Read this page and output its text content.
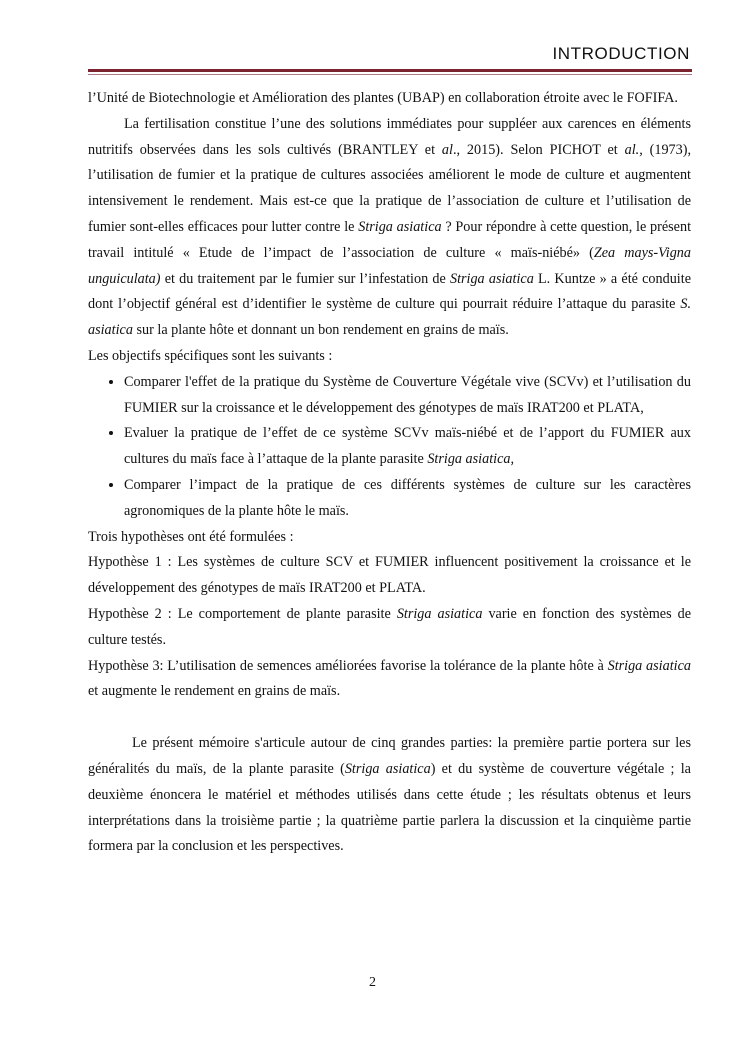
INTRODUCTION

l’Unité de Biotechnologie et Amélioration des plantes (UBAP) en collaboration étroite avec le FOFIFA.

La fertilisation constitue l’une des solutions immédiates pour suppléer aux carences en éléments nutritifs observées dans les sols cultivés (BRANTLEY et al., 2015). Selon PICHOT et al., (1973), l’utilisation de fumier et la pratique de cultures associées améliorent le mode de culture et augmentent intensivement le rendement. Mais est-ce que la pratique de l’association de culture et l’utilisation de fumier sont-elles efficaces pour lutter contre le Striga asiatica ? Pour répondre à cette question, le présent travail intitulé « Etude de l’impact de l’association de culture « maïs-niébé» (Zea mays-Vigna unguiculata) et du traitement par le fumier sur l’infestation de Striga asiatica L. Kuntze » a été conduite dont l’objectif général est d’identifier le système de culture qui pourrait réduire l’attaque du parasite S. asiatica sur la plante hôte et donnant un bon rendement en grains de maïs.

Les objectifs spécifiques sont les suivants :

• Comparer l'effet de la pratique du Système de Couverture Végétale vive (SCVv) et l’utilisation du FUMIER sur la croissance et le développement des génotypes de maïs IRAT200 et PLATA,
• Evaluer la pratique de l’effet de ce système SCVv maïs-niébé et de l’apport du FUMIER aux cultures du maïs face à l’attaque de la plante parasite Striga asiatica,
• Comparer l’impact de la pratique de ces différents systèmes de culture sur les caractères agronomiques de la plante hôte le maïs.

Trois hypothèses ont été formulées :

Hypothèse 1 : Les systèmes de culture SCV et FUMIER influencent positivement la croissance et le développement des génotypes de maïs IRAT200 et PLATA.

Hypothèse 2 : Le comportement de plante parasite Striga asiatica varie en fonction des systèmes de culture testés.

Hypothèse 3: L’utilisation de semences améliorées favorise la tolérance de la plante hôte à Striga asiatica et augmente le rendement en grains de maïs.

Le présent mémoire s'articule autour de cinq grandes parties: la première partie portera sur les généralités du maïs, de la plante parasite (Striga asiatica) et du système de couverture végétale ; la deuxième énoncera le matériel et méthodes utilisés dans cette étude ; les résultats obtenus et leurs interprétations dans la troisième partie ; la quatrième partie parlera la discussion et la cinquième partie formera par la conclusion et les perspectives.

2
